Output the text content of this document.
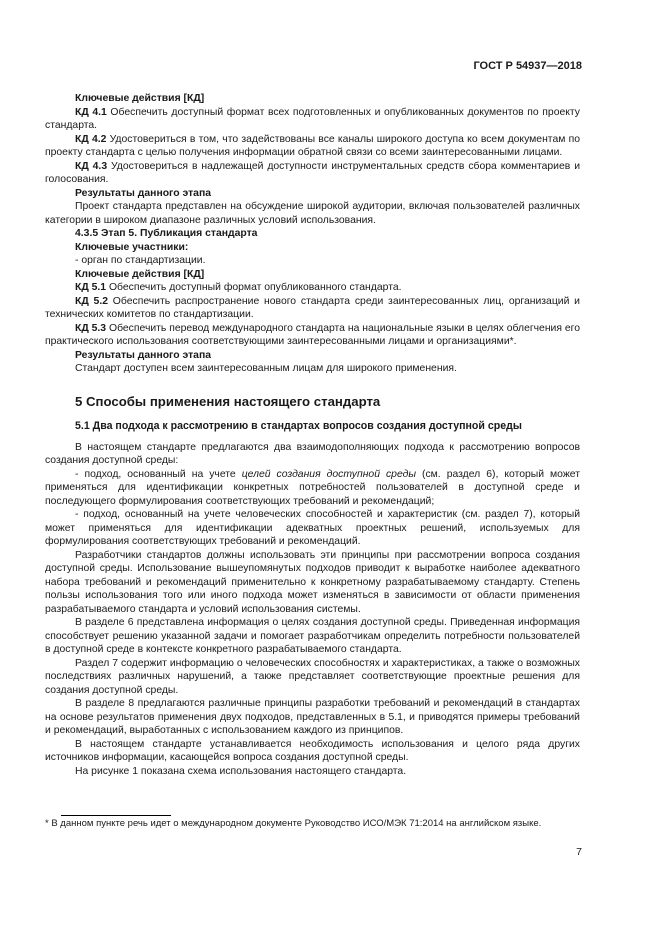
ГОСТ Р 54937—2018

Ключевые действия [КД]

КД 4.1 Обеспечить доступный формат всех подготовленных и опубликованных документов по проекту стандарта.

КД 4.2 Удостовериться в том, что задействованы все каналы широкого доступа ко всем документам по проекту стандарта с целью получения информации обратной связи со всеми заинтересованными лицами.

КД 4.3 Удостовериться в надлежащей доступности инструментальных средств сбора комментариев и голосования.

Результаты данного этапа

Проект стандарта представлен на обсуждение широкой аудитории, включая пользователей различных категории в широком диапазоне различных условий использования.

4.3.5 Этап 5. Публикация стандарта

Ключевые участники:

- орган по стандартизации.

Ключевые действия [КД]

КД 5.1 Обеспечить доступный формат опубликованного стандарта.

КД 5.2 Обеспечить распространение нового стандарта среди заинтересованных лиц, организаций и технических комитетов по стандартизации.

КД 5.3 Обеспечить перевод международного стандарта на национальные языки в целях облегчения его практического использования соответствующими заинтересованными лицами и организациями*.

Результаты данного этапа

Стандарт доступен всем заинтересованным лицам для широкого применения.

5 Способы применения настоящего стандарта

5.1 Два подхода к рассмотрению в стандартах вопросов создания доступной среды

В настоящем стандарте предлагаются два взаимодополняющих подхода к рассмотрению вопросов создания доступной среды:

- подход, основанный на учете целей создания доступной среды (см. раздел 6), который может применяться для идентификации конкретных потребностей пользователей в доступной среде и последующего формулирования соответствующих требований и рекомендаций;

- подход, основанный на учете человеческих способностей и характеристик (см. раздел 7), который может применяться для идентификации адекватных проектных решений, используемых для формулирования соответствующих требований и рекомендаций.

Разработчики стандартов должны использовать эти принципы при рассмотрении вопроса создания доступной среды. Использование вышеупомянутых подходов приводит к выработке наиболее адекватного набора требований и рекомендаций применительно к конкретному разрабатываемому стандарту. Степень пользы использования того или иного подхода может изменяться в зависимости от области применения разрабатываемого стандарта и условий использования системы.

В разделе 6 представлена информация о целях создания доступной среды. Приведенная информация способствует решению указанной задачи и помогает разработчикам определить потребности пользователей в доступной среде в контексте конкретного разрабатываемого стандарта.

Раздел 7 содержит информацию о человеческих способностях и характеристиках, а также о возможных последствиях различных нарушений, а также представляет соответствующие проектные решения для создания доступной среды.

В разделе 8 предлагаются различные принципы разработки требований и рекомендаций в стандартах на основе результатов применения двух подходов, представленных в 5.1, и приводятся примеры требований и рекомендаций, выработанных с использованием каждого из принципов.

В настоящем стандарте устанавливается необходимость использования и целого ряда других источников информации, касающейся вопроса создания доступной среды.

На рисунке 1 показана схема использования настоящего стандарта.

* В данном пункте речь идет о международном документе Руководство ИСО/МЭК 71:2014 на английском языке.
7
